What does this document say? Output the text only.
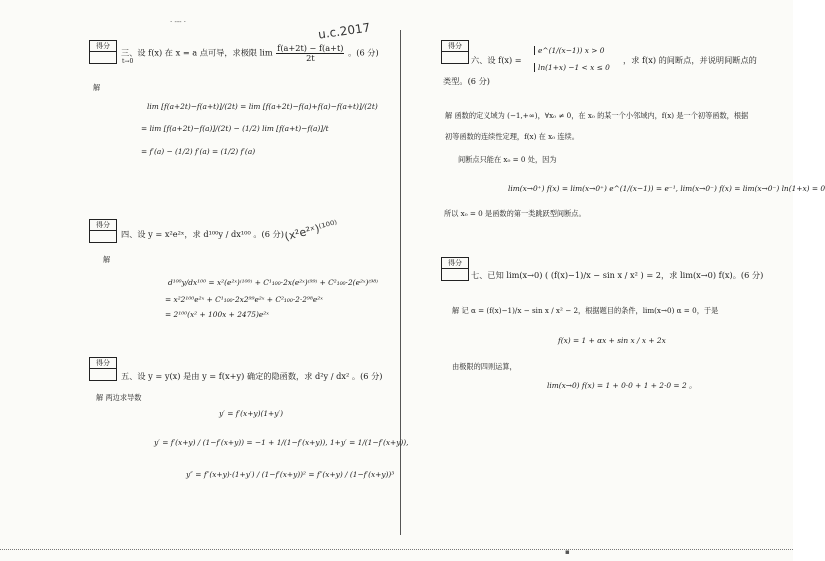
· ‐‐‐ ·	u.c.2017
得分
三、设 f(x) 在 x = a 点可导，求极限 $\lim \frac{f(a+2t) - f(a+t)}{2t}$ 。(6 分)
t→0
解
lim [f(a+2t)−f(a+t)]/(2t) = lim [f(a+2t)−f(a)+f(a)−f(a+t)]/(2t)
= lim [f(a+2t)−f(a)]/(2t) − (1/2) lim [f(a+t)−f(a)]/t
= f′(a) − (1/2) f′(a) = (1/2) f′(a)
得分
四、设 y = x²e²ˣ，求 d¹⁰⁰y / dx¹⁰⁰ 。(6 分) (x²e²ˣ)⁽¹⁰⁰⁾
解
d¹⁰⁰y/dx¹⁰⁰ = x²(e²ˣ)⁽¹⁰⁰⁾ + C¹₁₀₀·2x(e²ˣ)⁽⁹⁹⁾ + C²₁₀₀·2(e²ˣ)⁽⁹⁸⁾
= x²2¹⁰⁰e²ˣ + C¹₁₀₀·2x2⁹⁹e²ˣ + C²₁₀₀·2·2⁹⁸e²ˣ
= 2¹⁰⁰(x² + 100x + 2475)e²ˣ
得分
五、设 y = y(x) 是由 y = f(x+y) 确定的隐函数，求 d²y / dx² 。(6 分)
解 两边求导数
y′ = f′(x+y)(1+y′)
y′ = f′(x+y) / (1−f′(x+y)) = −1 + 1/(1−f′(x+y)), 1+y′ = 1/(1−f′(x+y)),
y″ = f″(x+y)·(1+y′) / (1−f′(x+y))² = f″(x+y) / (1−f′(x+y))³
得分
六、设 f(x) =
e^(1/(x−1)) x > 0
ln(1+x) −1 < x ≤ 0
，求 f(x) 的间断点，并说明间断点的
类型。(6 分)
解 函数的定义域为 (−1,+∞)，∀x₀ ≠ 0，在 x₀ 的某一个小邻域内，f(x) 是一个初等函数，根据
初等函数的连续性定理，f(x) 在 x₀ 连续。
间断点只能在 x₀ = 0 处，因为
lim(x→0⁺) f(x) = lim(x→0⁺) e^(1/(x−1)) = e⁻¹, lim(x→0⁻) f(x) = lim(x→0⁻) ln(1+x) = 0
所以 x₀ = 0 是函数的第一类跳跃型间断点。
得分
七、已知 lim(x→0) ( (f(x)−1)/x − sin x / x² ) = 2，求 lim(x→0) f(x)。(6 分)
解 记 α = (f(x)−1)/x − sin x / x² − 2，根据题目的条件，lim(x→0) α = 0，于是
f(x) = 1 + αx + sin x / x + 2x
由极限的四则运算，
lim(x→0) f(x) = 1 + 0·0 + 1 + 2·0 = 2 。
▪
